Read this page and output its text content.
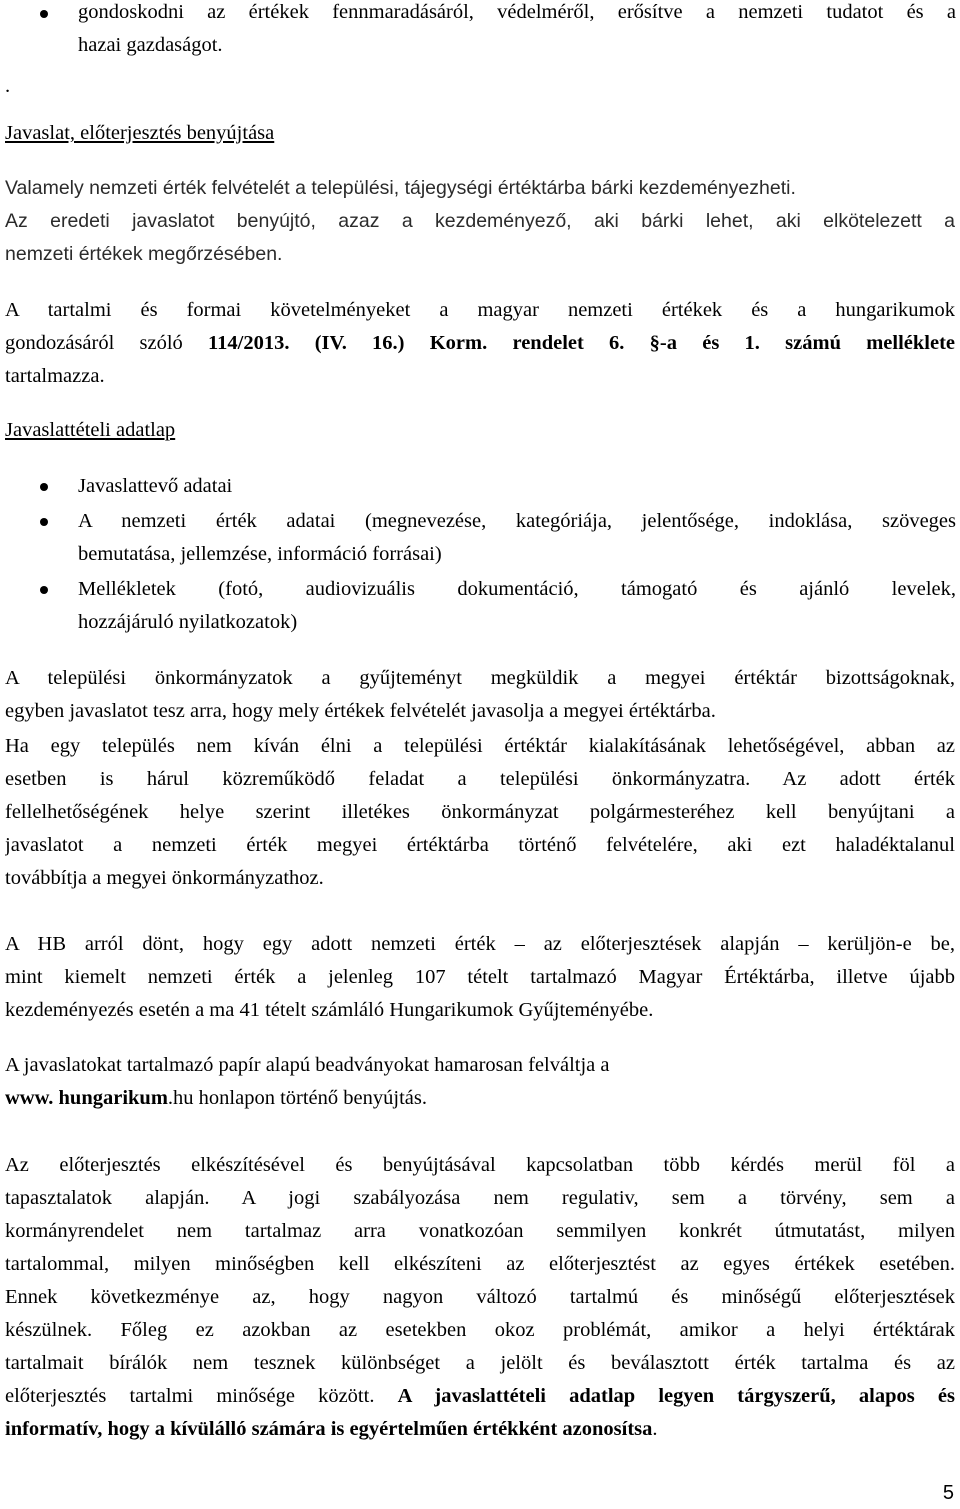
gondoskodni az értékek fennmaradásáról, védelméről, erősítve a nemzeti tudatot és a
hazai gazdaságot.
.
Javaslat, előterjesztés benyújtása
Valamely nemzeti érték felvételét a települési, tájegységi értéktárba bárki kezdeményezheti.
Az eredeti javaslatot benyújtó, azaz a kezdeményező, aki bárki lehet, aki elkötelezett a
nemzeti értékek megőrzésében.
A tartalmi és formai követelményeket a magyar nemzeti értékek és a hungarikumok
gondozásáról szóló 114/2013. (IV. 16.) Korm. rendelet 6. §-a és 1. számú melléklete
tartalmazza.
Javaslattételi adatlap
Javaslattevő adatai
A nemzeti érték adatai (megnevezése, kategóriája, jelentősége, indoklása, szöveges
bemutatása, jellemzése, információ forrásai)
Mellékletek (fotó, audiovizuális dokumentáció, támogató és ajánló levelek,
hozzájáruló nyilatkozatok)
A települési önkormányzatok a gyűjteményt megküldik a megyei értéktár bizottságoknak,
egyben javaslatot tesz arra, hogy mely értékek felvételét javasolja a megyei értéktárba.
Ha egy település nem kíván élni a települési értéktár kialakításának lehetőségével, abban az
esetben is hárul közreműködő feladat a települési önkormányzatra. Az adott érték
fellelhetőségének helye szerint illetékes önkormányzat polgármesteréhez kell benyújtani a
javaslatot a nemzeti érték megyei értéktárba történő felvételére, aki ezt haladéktalanul
továbbítja a megyei önkormányzathoz.
A HB arról dönt, hogy egy adott nemzeti érték – az előterjesztések alapján – kerüljön-e be,
mint kiemelt nemzeti érték a jelenleg 107 tételt tartalmazó Magyar Értéktárba, illetve újabb
kezdeményezés esetén a ma 41 tételt számláló Hungarikumok Gyűjteményébe.
A javaslatokat tartalmazó papír alapú beadványokat hamarosan felváltja a
www. hungarikum.hu honlapon történő benyújtás.
Az előterjesztés elkészítésével és benyújtásával kapcsolatban több kérdés merül föl a
tapasztalatok alapján. A jogi szabályozása nem regulativ, sem a törvény, sem a
kormányrendelet nem tartalmaz arra vonatkozóan semmilyen konkrét útmutatást, milyen
tartalommal, milyen minőségben kell elkészíteni az előterjesztést az egyes értékek esetében.
Ennek következménye az, hogy nagyon változó tartalmú és minőségű előterjesztések
készülnek. Főleg ez azokban az esetekben okoz problémát, amikor a helyi értéktárak
tartalmait bírálók nem tesznek különbséget a jelölt és beválasztott érték tartalma és az
előterjesztés tartalmi minősége között. A javaslattételi adatlap legyen tárgyszerű, alapos és
informatív, hogy a kívülálló számára is egyértelműen értékként azonosítsa.
5
